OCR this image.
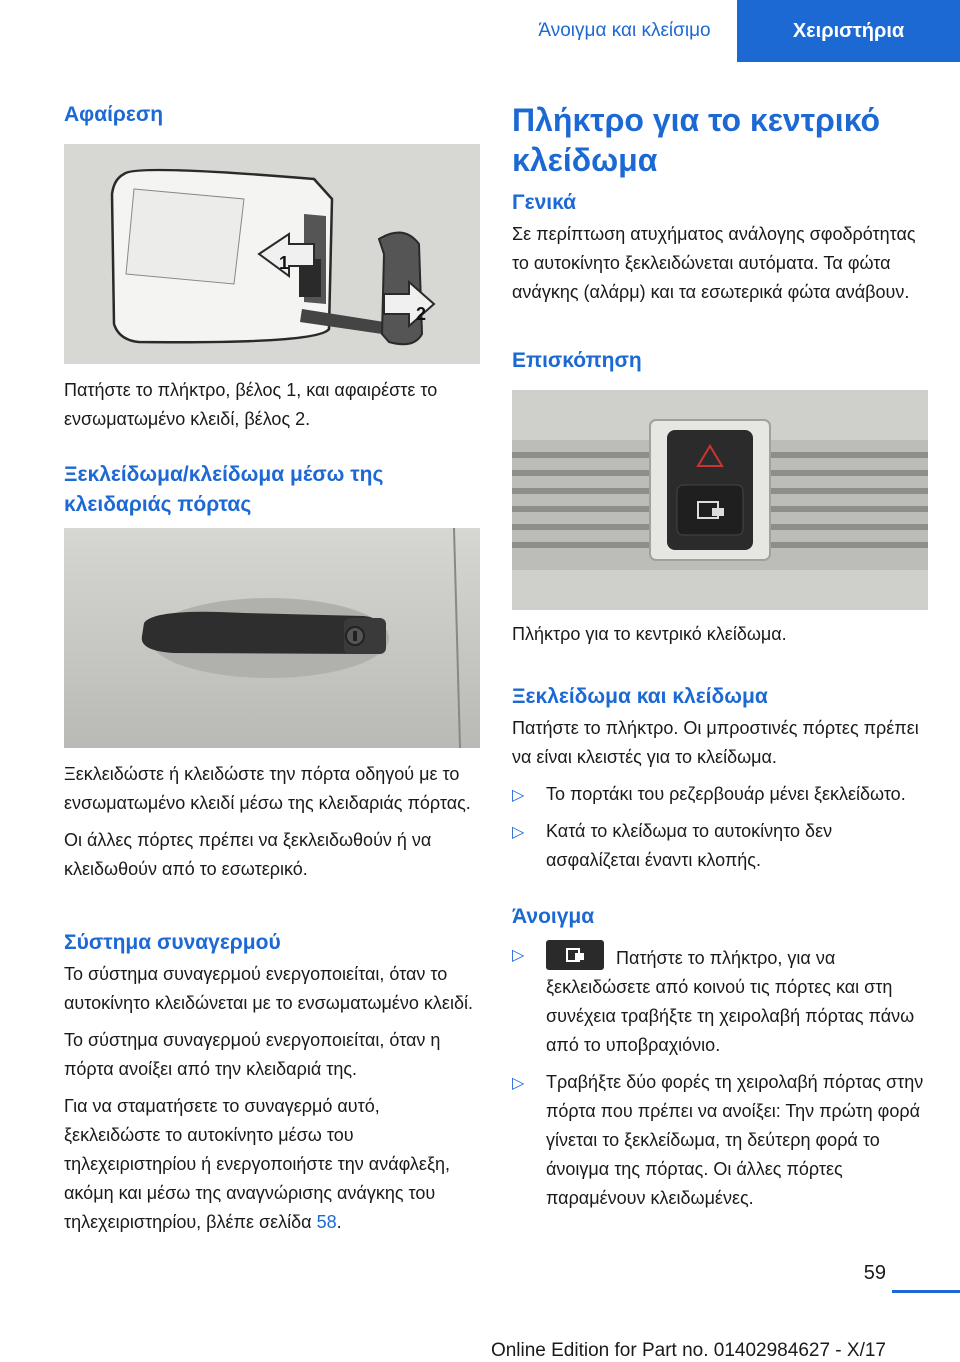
Άνοιγμα και κλείσιμο	Χειριστήρια
Αφαίρεση
1
2

Πατήστε το πλήκτρο, βέλος 1, και αφαιρέστε το ενσωματωμένο κλειδί, βέλος 2.

Ξεκλείδωμα/κλείδωμα μέσω της κλειδαριάς πόρτας

Ξεκλειδώστε ή κλειδώστε την πόρτα οδηγού με το ενσωματωμένο κλειδί μέσω της κλειδαριάς πόρτας.

Οι άλλες πόρτες πρέπει να ξεκλειδωθούν ή να κλειδωθούν από το εσωτερικό.

Σύστημα συναγερμού

Το σύστημα συναγερμού ενεργοποιείται, όταν το αυτοκίνητο κλειδώνεται με το ενσωματωμένο κλειδί.

Το σύστημα συναγερμού ενεργοποιείται, όταν η πόρτα ανοίξει από την κλειδαριά της.

Για να σταματήσετε το συναγερμό αυτό, ξεκλειδώστε το αυτοκίνητο μέσω του τηλεχειριστηρίου ή ενεργοποιήστε την ανάφλεξη, ακόμη και μέσω της αναγνώρισης ανάγκης του τηλεχειριστηρίου, βλέπε σελίδα 58.

Πλήκτρο για το κεντρικό κλείδωμα
Γενικά

Σε περίπτωση ατυχήματος ανάλογης σφοδρότητας το αυτοκίνητο ξεκλειδώνεται αυτόματα. Τα φώτα ανάγκης (αλάρμ) και τα εσωτερικά φώτα ανάβουν.

Επισκόπηση

Πλήκτρο για το κεντρικό κλείδωμα.

Ξεκλείδωμα και κλείδωμα

Πατήστε το πλήκτρο. Οι μπροστινές πόρτες πρέπει να είναι κλειστές για το κλείδωμα.

▷ Το πορτάκι του ρεζερβουάρ μένει ξεκλείδωτο.
▷ Κατά το κλείδωμα το αυτοκίνητο δεν ασφαλίζεται έναντι κλοπής.
Άνοιγμα
▷	Πατήστε το πλήκτρο, για να ξεκλειδώσετε από κοινού τις πόρτες και στη συνέχεια τραβήξτε τη χειρολαβή πόρτας πάνω από το υποβραχιόνιο.
▷ Τραβήξτε δύο φορές τη χειρολαβή πόρτας στην πόρτα που πρέπει να ανοίξει: Την πρώτη φορά γίνεται το ξεκλείδωμα, τη δεύτερη φορά το άνοιγμα της πόρτας. Οι άλλες πόρτες παραμένουν κλειδωμένες.
59
Online Edition for Part no. 01402984627 - X/17
